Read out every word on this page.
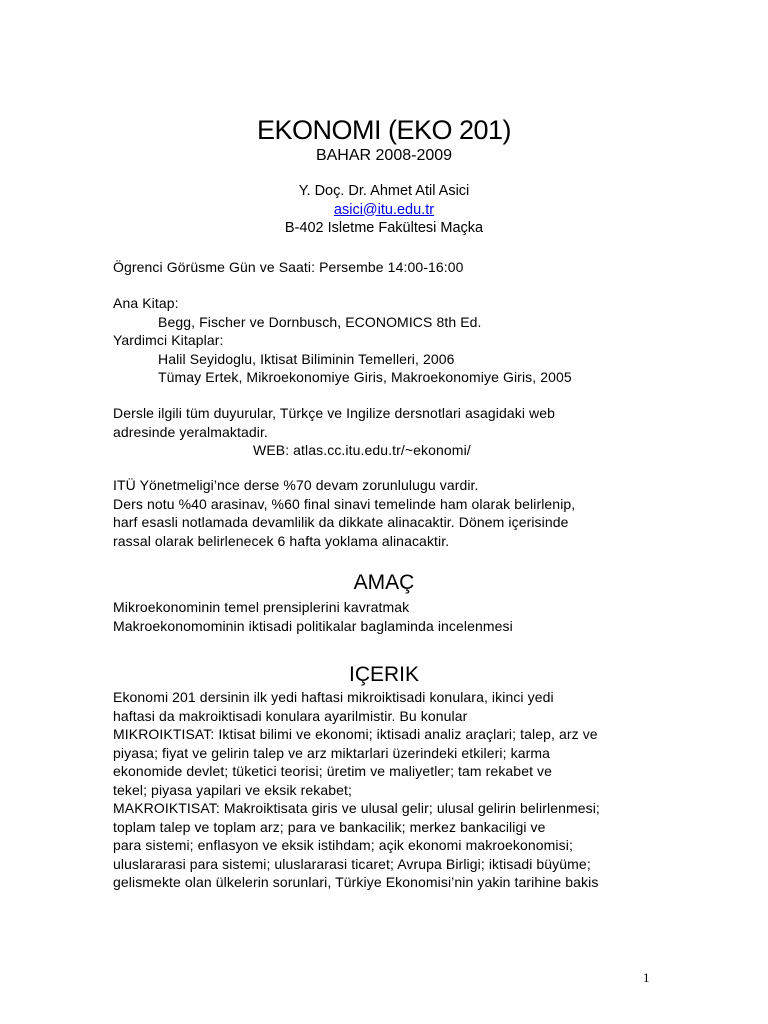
EKONOMI (EKO 201)
BAHAR 2008-2009
Y. Doç. Dr. Ahmet Atil Asici
asici@itu.edu.tr
B-402 Isletme Fakültesi Maçka
Ögrenci Görüsme Gün ve Saati: Persembe 14:00-16:00
Ana Kitap:
Begg, Fischer ve Dornbusch, ECONOMICS 8th Ed.
Yardimci Kitaplar:
Halil Seyidoglu, Iktisat Biliminin Temelleri, 2006
Tümay Ertek, Mikroekonomiye Giris, Makroekonomiye Giris, 2005
Dersle ilgili tüm duyurular, Türkçe ve Ingilize dersnotlari asagidaki web
adresinde yeralmaktadir.
WEB: atlas.cc.itu.edu.tr/~ekonomi/
ITÜ Yönetmeligi’nce derse %70 devam zorunlulugu vardir.
Ders notu %40 arasinav, %60 final sinavi temelinde ham olarak belirlenip,
harf esasli notlamada devamlilik da dikkate alinacaktir. Dönem içerisinde
rassal olarak belirlenecek 6 hafta yoklama alinacaktir.
AMAÇ
Mikroekonominin temel prensiplerini kavratmak
Makroekonomominin iktisadi politikalar baglaminda incelenmesi
IÇERIK
Ekonomi 201 dersinin ilk yedi haftasi mikroiktisadi konulara, ikinci yedi
haftasi da makroiktisadi konulara ayarilmistir. Bu konular
MIKROIKTISAT: Iktisat bilimi ve ekonomi; iktisadi analiz araçlari; talep, arz ve
piyasa; fiyat ve gelirin talep ve arz miktarlari üzerindeki etkileri; karma
ekonomide devlet; tüketici teorisi; üretim ve maliyetler; tam rekabet ve
tekel; piyasa yapilari ve eksik rekabet;
MAKROIKTISAT: Makroiktisata giris ve ulusal gelir; ulusal gelirin belirlenmesi;
toplam talep ve toplam arz; para ve bankacilik; merkez bankaciligi ve
para sistemi; enflasyon ve eksik istihdam; açik ekonomi makroekonomisi;
uluslararasi para sistemi; uluslararasi ticaret; Avrupa Birligi; iktisadi büyüme;
gelismekte olan ülkelerin sorunlari, Türkiye Ekonomisi’nin yakin tarihine bakis
1
